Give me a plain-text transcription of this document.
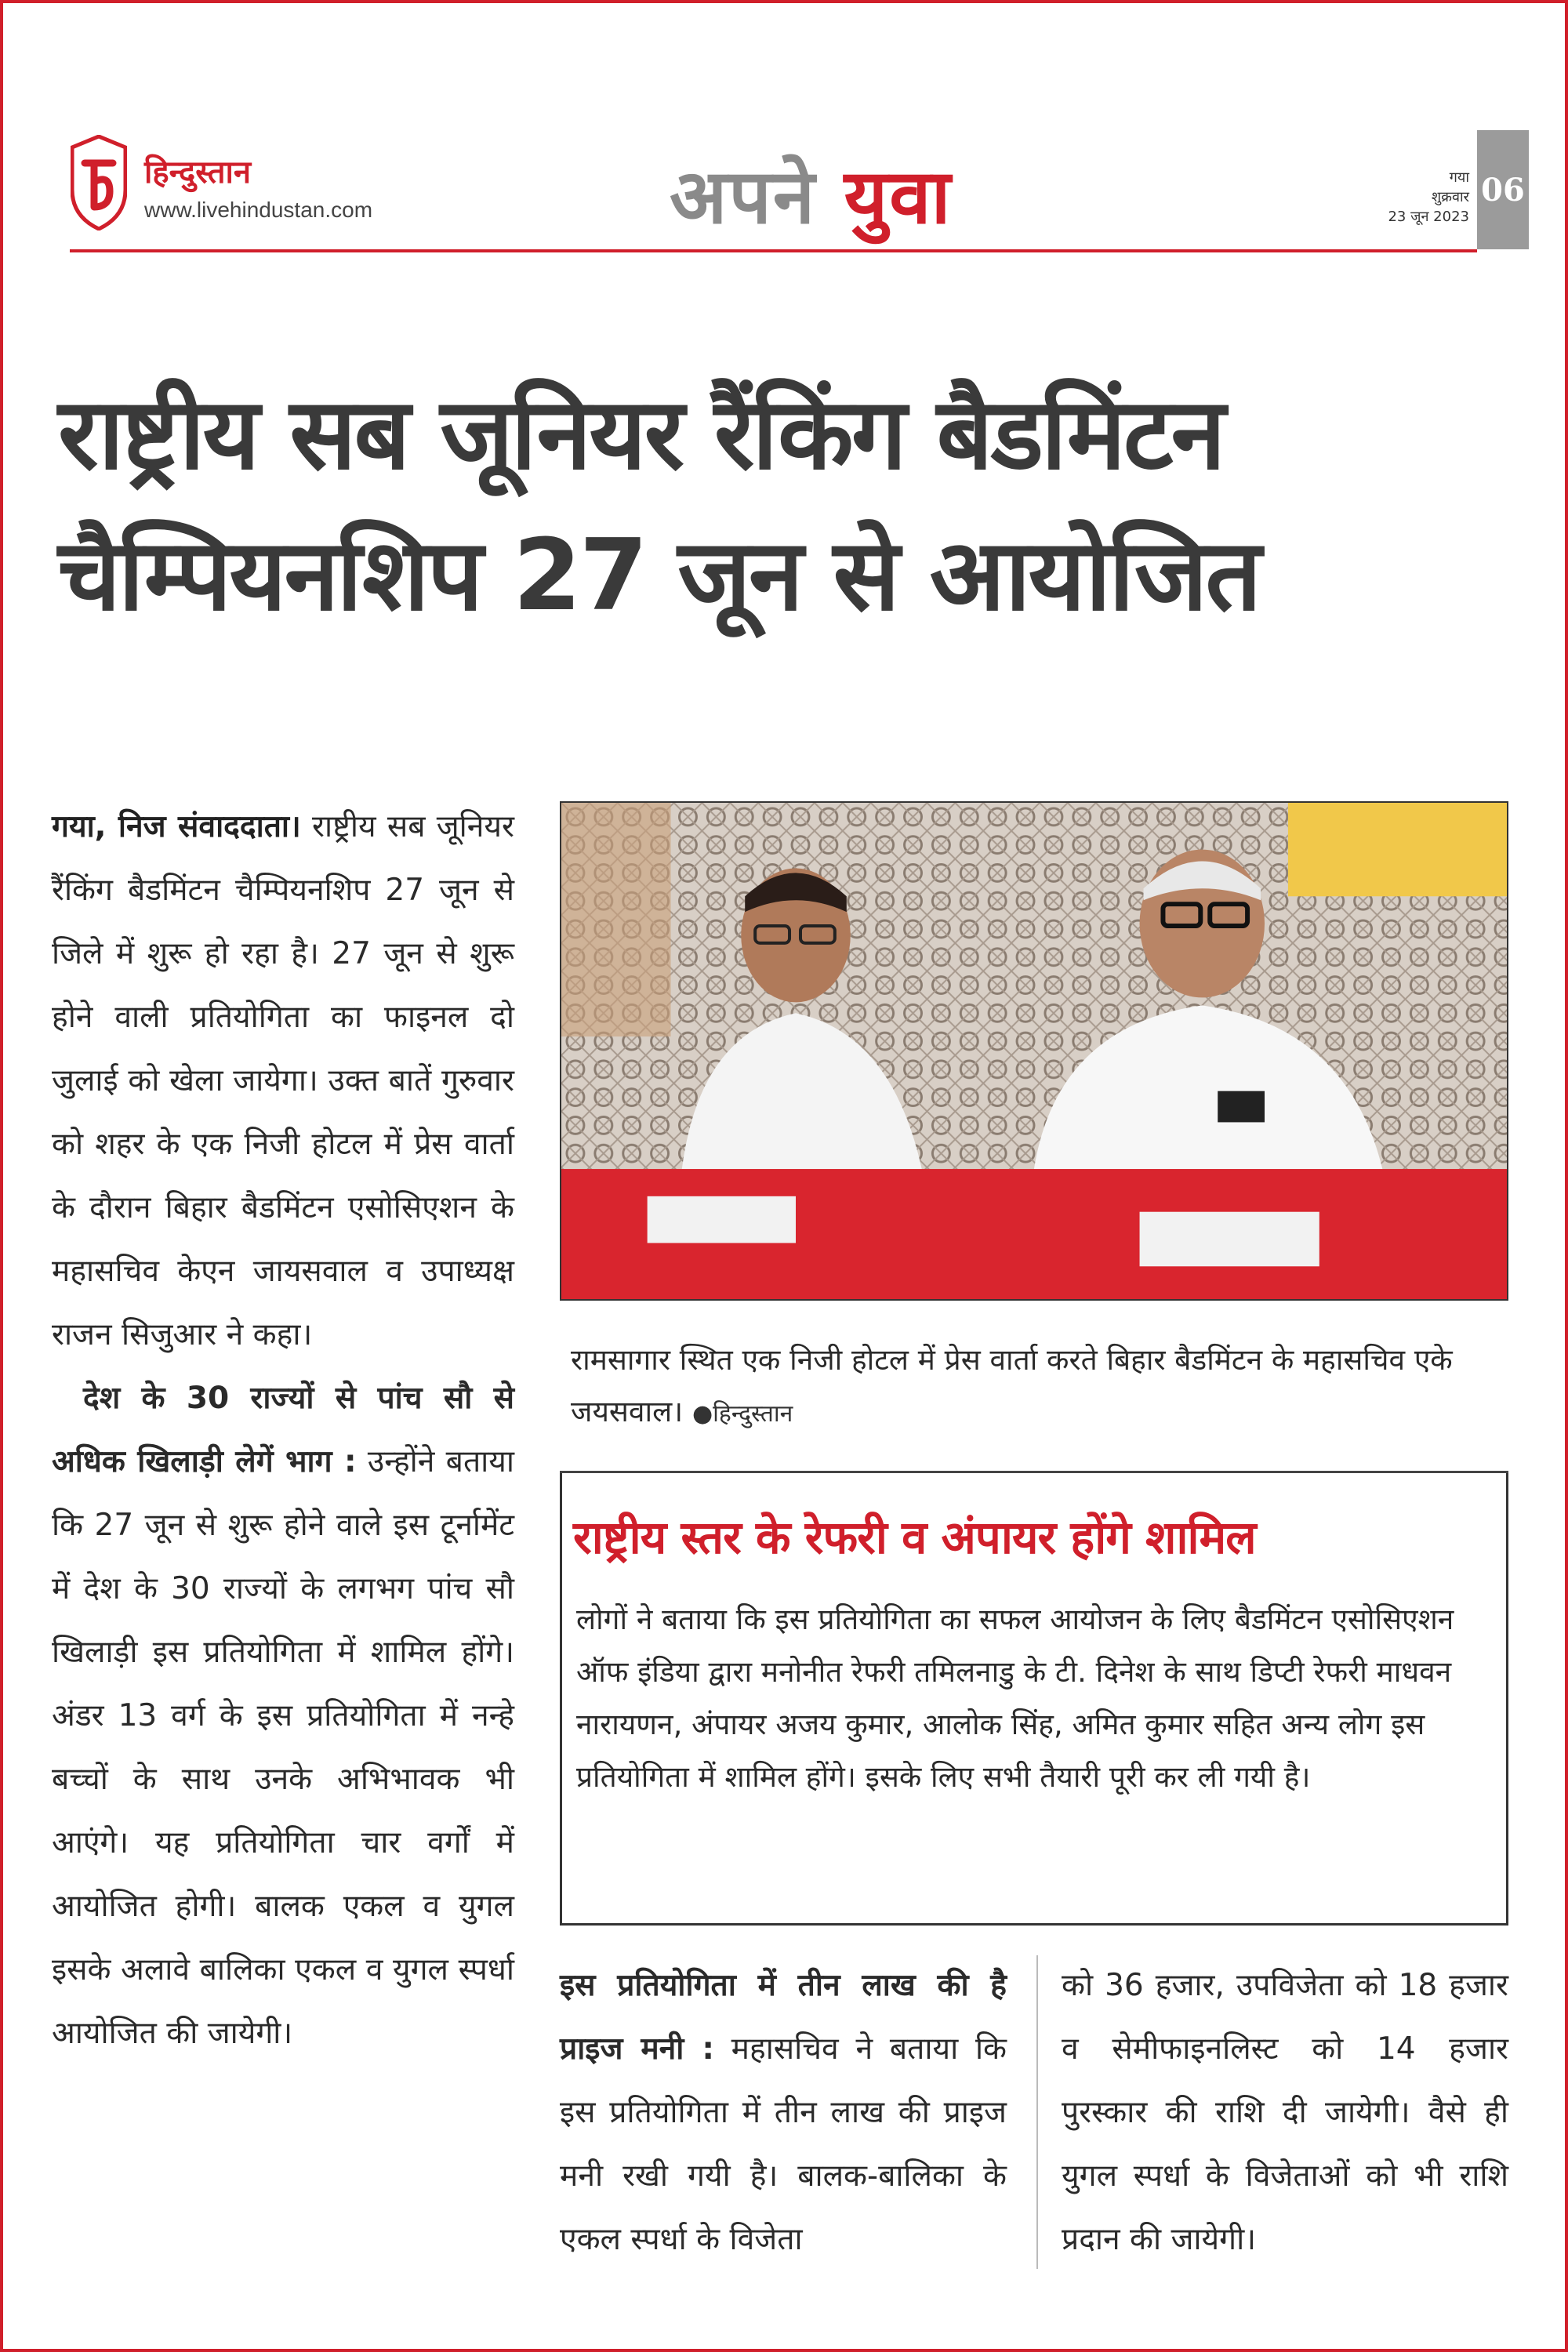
हिन्दुस्तान
www.livehindustan.com	अपने युवा	गया
शुक्रवार
23 जून 2023
06
राष्ट्रीय सब जूनियर रैंकिंग बैडमिंटन
चैम्पियनशिप 27 जून से आयोजित

गया, निज संवाददाता। राष्ट्रीय सब जूनियर रैंकिंग बैडमिंटन चैम्पियनशिप 27 जून से जिले में शुरू हो रहा है। 27 जून से शुरू होने वाली प्रतियोगिता का फाइनल दो जुलाई को खेला जायेगा। उक्त बातें गुरुवार को शहर के एक निजी होटल में प्रेस वार्ता के दौरान बिहार बैडमिंटन एसोसिएशन के महासचिव केएन जायसवाल व उपाध्यक्ष राजन सिजुआर ने कहा।

देश के 30 राज्यों से पांच सौ से अधिक खिलाड़ी लेगें भाग : उन्होंने बताया कि 27 जून से शुरू होने वाले इस टूर्नामेंट में देश के 30 राज्यों के लगभग पांच सौ खिलाड़ी इस प्रतियोगिता में शामिल होंगे। अंडर 13 वर्ग के इस प्रतियोगिता में नन्हे बच्चों के साथ उनके अभिभावक भी आएंगे। यह प्रतियोगिता चार वर्गों में आयोजित होगी। बालक एकल व युगल इसके अलावे बालिका एकल व युगल स्पर्धा आयोजित की जायेगी।

रामसागार स्थित एक निजी होटल में प्रेस वार्ता करते बिहार बैडमिंटन के महासचिव एके जयसवाल। ●हिन्दुस्तान
राष्ट्रीय स्तर के रेफरी व अंपायर होंगे शामिल

लोगों ने बताया कि इस प्रतियोगिता का सफल आयोजन के लिए बैडमिंटन एसोसिएशन ऑफ इंडिया द्वारा मनोनीत रेफरी तमिलनाडु के टी. दिनेश के साथ डिप्टी रेफरी माधवन नारायणन, अंपायर अजय कुमार, आलोक सिंह, अमित कुमार सहित अन्य लोग इस प्रतियोगिता में शामिल होंगे। इसके लिए सभी तैयारी पूरी कर ली गयी है।

इस प्रतियोगिता में तीन लाख की है प्राइज मनी : महासचिव ने बताया कि इस प्रतियोगिता में तीन लाख की प्राइज मनी रखी गयी है। बालक-बालिका के एकल स्पर्धा के विजेता

को 36 हजार, उपविजेता को 18 हजार व सेमीफाइनलिस्ट को 14 हजार पुरस्कार की राशि दी जायेगी। वैसे ही युगल स्पर्धा के विजेताओं को भी राशि प्रदान की जायेगी।
